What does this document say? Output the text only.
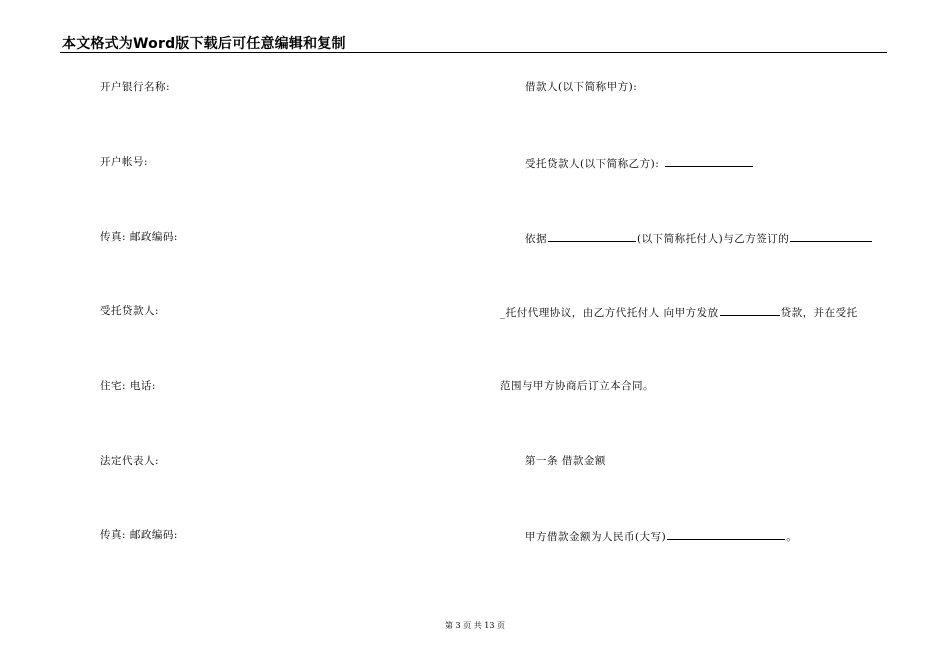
本文格式为Word版下载后可任意编辑和复制
开户银行名称:
开户帐号:
传真: 邮政编码:
受托贷款人:
住宅: 电话:
法定代表人:
传真: 邮政编码:
借款人(以下简称甲方):
受托贷款人(以下简称乙方):
依据	(以下简称托付人)与乙方签订的
_托付代理协议，由乙方代托付人 向甲方发放	贷款，并在受托
范围与甲方协商后订立本合同。
第一条 借款金额
甲方借款金额为人民币(大写)	。
第 3 页 共 13 页
